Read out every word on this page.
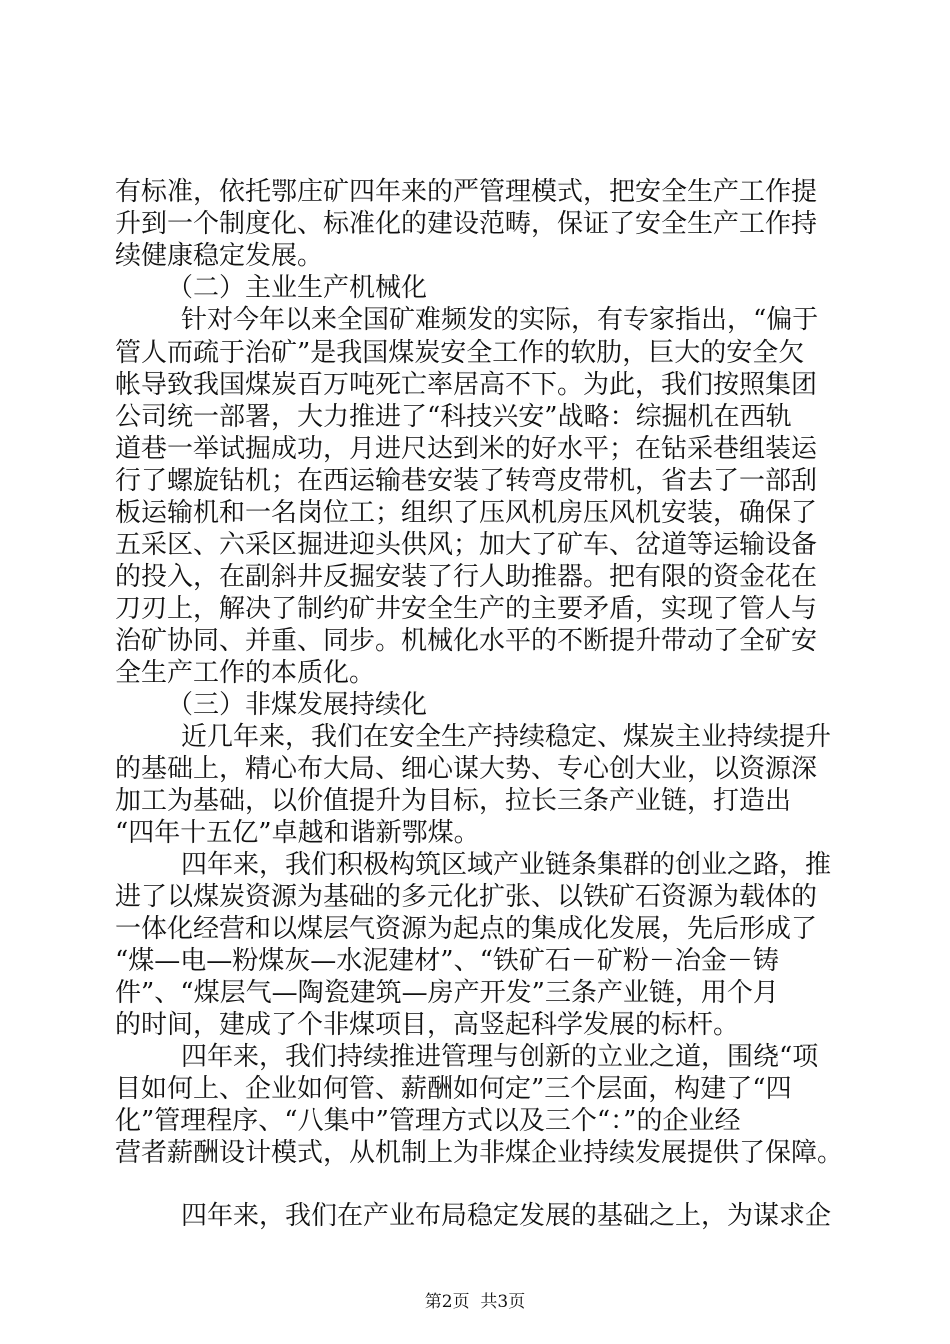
有标准，依托鄂庄矿四年来的严管理模式，把安全生产工作提
升到一个制度化、标准化的建设范畴，保证了安全生产工作持
续健康稳定发展。
（二）主业生产机械化
针对今年以来全国矿难频发的实际，有专家指出，“偏于
管人而疏于治矿”是我国煤炭安全工作的软肋，巨大的安全欠
帐导致我国煤炭百万吨死亡率居高不下。为此，我们按照集团
公司统一部署，大力推进了“科技兴安”战略：综掘机在西轨
道巷一举试掘成功，月进尺达到米的好水平；在钻采巷组装运
行了螺旋钻机；在西运输巷安装了转弯皮带机，省去了一部刮
板运输机和一名岗位工；组织了压风机房压风机安装，确保了
五采区、六采区掘进迎头供风；加大了矿车、岔道等运输设备
的投入，在副斜井反掘安装了行人助推器。把有限的资金花在
刀刃上，解决了制约矿井安全生产的主要矛盾，实现了管人与
治矿协同、并重、同步。机械化水平的不断提升带动了全矿安
全生产工作的本质化。
（三）非煤发展持续化
近几年来，我们在安全生产持续稳定、煤炭主业持续提升
的基础上，精心布大局、细心谋大势、专心创大业，以资源深
加工为基础，以价值提升为目标，拉长三条产业链，打造出
“四年十五亿”卓越和谐新鄂煤。
四年来，我们积极构筑区域产业链条集群的创业之路，推
进了以煤炭资源为基础的多元化扩张、以铁矿石资源为载体的
一体化经营和以煤层气资源为起点的集成化发展，先后形成了
“煤—电—粉煤灰—水泥建材”、“铁矿石－矿粉－冶金－铸
件”、“煤层气—陶瓷建筑—房产开发”三条产业链，用个月
的时间，建成了个非煤项目，高竖起科学发展的标杆。
四年来，我们持续推进管理与创新的立业之道，围绕“项
目如何上、企业如何管、薪酬如何定”三个层面，构建了“四
化”管理程序、“八集中”管理方式以及三个“：”的企业经
营者薪酬设计模式，从机制上为非煤企业持续发展提供了保障。
四年来，我们在产业布局稳定发展的基础之上，为谋求企
第2页  共3页
